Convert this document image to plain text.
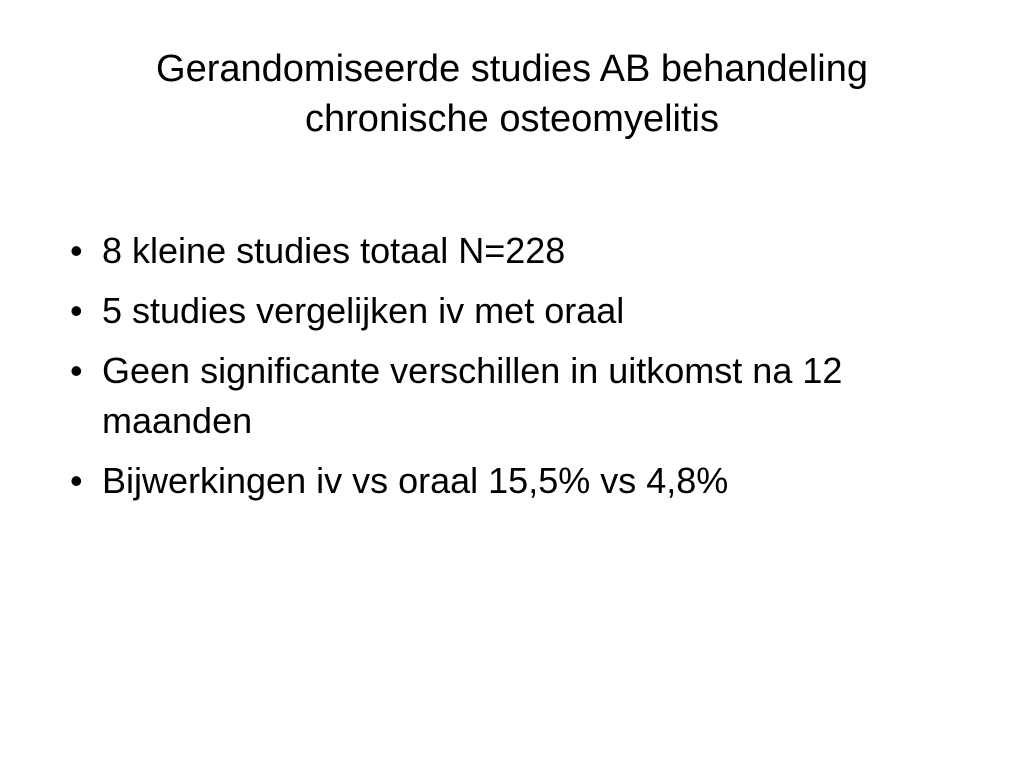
Gerandomiseerde studies AB behandeling
chronische osteomyelitis
• 8 kleine studies totaal N=228
• 5 studies vergelijken iv met oraal
• Geen significante verschillen in uitkomst na 12 maanden
• Bijwerkingen iv vs oraal 15,5% vs 4,8%
